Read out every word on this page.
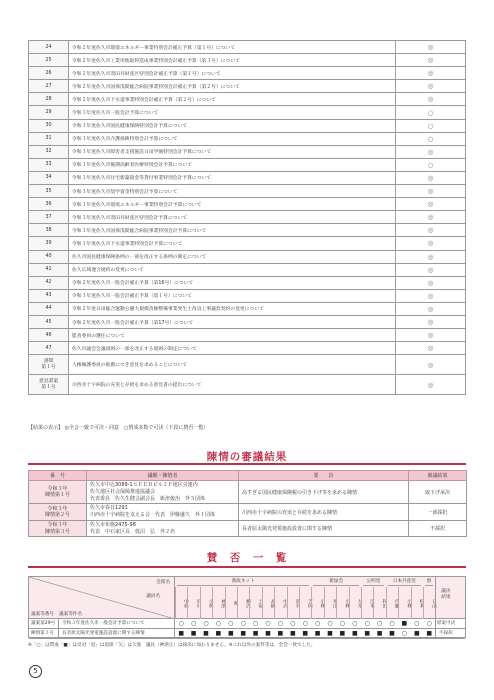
24	令和２年度佐久市環境エネルギー事業特別会計補正予算（第１号）について	◎
25	令和２年度佐久市工業用地取得造成事業特別会計補正予算（第３号）について	◎
26	令和２年度佐久市茂田井財産区特別会計補正予算（第１号）について	◎
27	令和２年度佐久市国保浅間総合病院事業特別会計補正予算（第２号）について	◎
28	令和２年度佐久市下水道事業特別会計補正予算（第２号）について	◎
29	令和３年度佐久市一般会計予算について	○
30	令和３年度佐久市国民健康保険特別会計予算について	○
31	令和３年度佐久市介護保険特別会計予算について	○
32	令和３年度佐久市障害者支援施設日田学園特別会計予算について	◎
33	令和３年度佐久市後期高齢者医療特別会計予算について	○
34	令和３年度佐久市住宅新築資金等貸付事業特別会計予算について	◎
35	令和３年度佐久市奨学資金特別会計予算について	◎
36	令和３年度佐久市環境エネルギー事業特別会計予算について	◎
37	令和３年度佐久市茂田井財産区特別会計予算について	◎
38	令和３年度佐久市国保浅間総合病院事業特別会計予算について	◎
39	令和３年度佐久市下水道事業特別会計予算について	◎
40	佐久市国民健康保険条例の一部を改正する条例の制定について	◎
41	佐久広域連合規約の変更について	◎
42	令和２年度佐久市一般会計補正予算（第16号）について	◎
43	令和３年度佐久市一般会計補正予算（第１号）について	◎
44	令和２年度日田総合運動公園大規模改修整備事業発生土改良工事議負契約の変更について	◎
45	令和２年度佐久市一般会計補正予算（第17号）について	◎
46	監査委員の選任について	◎
47	佐久市議会会議規則の一部を改正する規則の制定について	◎
諮問
第１号	人権擁護委員の推薦につき意見を求めることについて	◎
意見書案
第１号	川西赤十字病院の充実と存続を求める意見書の提出について	◎
【結果の表示】 ◎全会一致で可決・同意　○賛成多数で可決（下段に賛否一覧）
陳情の審議結果
番　号	議願・陳情者	要　　旨	審議結果
令和３年
陳情第１号	佐久市中込3089-1ＳＥＥＤビル２Ｆ地区労連内
佐久地区社会保障推進協議会
代表委員　佐久生健会副会長　新津俊治　外５団体	高すぎる国民健康保険税の引き下げ等を求める陳情	取下げ承決
令和３年
陳情第２号	佐久市春日1291
川西赤十字病院を支える会　代表　伊藤盛久　外１団体	川西赤十字病院の充実と存続を求める陳情	一部採択
令和３年
陳情第３号	佐久市布施2475-98
代表　中石家区長　低沼　弘　外２名	長者原太陽光発電施設設置に関する陳情	不採択
賛　否　一　覧
会派名
議員名
議案等番号 議案等件名
新政ネット	新緑会	公明党	日本共産党	無
中條	市川	小林	神津	関	柳沢	土屋	高橋	中沢	清水	吉岡	小林	井出	小林	大井	江本	和田	内藤	小林	松本	日山
議決
結果
議案第29号	令和３年度佐久市一般会計予算について	○	○	○	○	○	○	○	○	○	○	○	○	○	○	○	○	○	○	■	○	○	原案可決
陳情第３号	長者原太陽光発電施設設置に関する陳情	■	■	■	■	■	■	■	■	■	■	■	■	■	■	■	■	■	■	○	■	■	不採択
※「○」は賛成「■」は反対「退」は退席「欠」は欠席　議長（神津正）は採決に加わりません。※これ以外の案件等は、全会一致でした。
5
